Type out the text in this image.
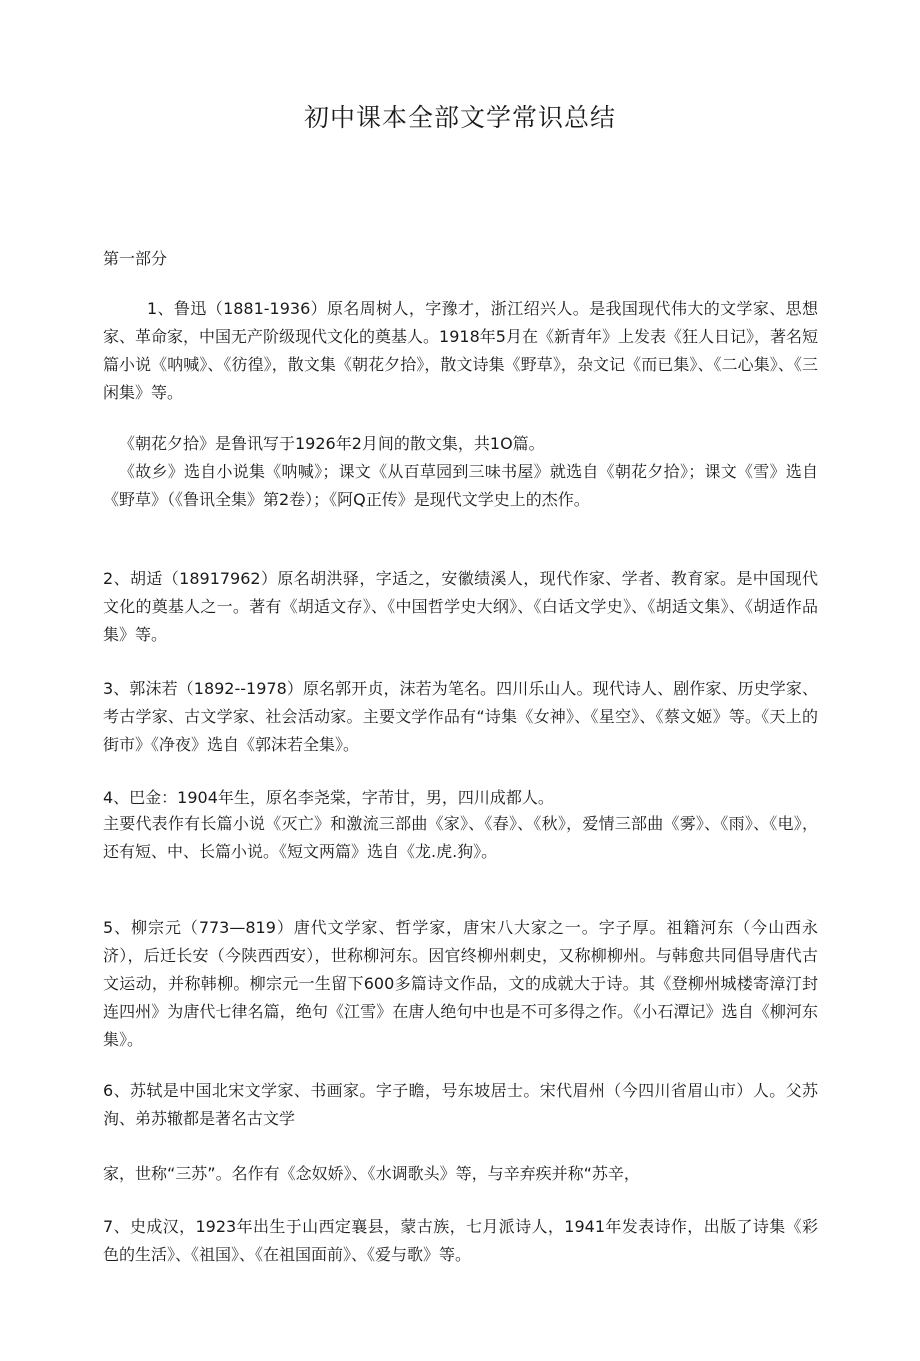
初中课本全部文学常识总结
第一部分

1、鲁迅（1881-1936）原名周树人，字豫才，浙江绍兴人。是我国现代伟大的文学家、思想家、革命家，中国无产阶级现代文化的奠基人。1918年5月在《新青年》上发表《狂人日记》，著名短篇小说《呐喊》、《彷徨》，散文集《朝花夕拾》，散文诗集《野草》，杂文记《而已集》、《二心集》、《三闲集》等。

《朝花夕拾》是鲁讯写于1926年2月间的散文集，共1O篇。

《故乡》选自小说集《呐喊》；课文《从百草园到三味书屋》就选自《朝花夕拾》；课文《雪》选自《野草》（《鲁讯全集》第2卷）；《阿Q正传》是现代文学史上的杰作。

2、胡适（18917962）原名胡洪驿，字适之，安徽绩溪人，现代作家、学者、教育家。是中国现代文化的奠基人之一。著有《胡适文存》、《中国哲学史大纲》、《白话文学史》、《胡适文集》、《胡适作品集》等。

3、郭沫若（1892--1978）原名郭开贞，沫若为笔名。四川乐山人。现代诗人、剧作家、历史学家、考古学家、古文学家、社会活动家。主要文学作品有“诗集《女神》、《星空》、《蔡文姬》等。《天上的街市》《净夜》选自《郭沫若全集》。

4、巴金：1904年生，原名李尧棠，字芾甘，男，四川成都人。

主要代表作有长篇小说《灭亡》和激流三部曲《家》、《春》、《秋》，爱情三部曲《雾》、《雨》、《电》，还有短、中、长篇小说。《短文两篇》选自《龙.虎.狗》。

5、柳宗元（773—819）唐代文学家、哲学家，唐宋八大家之一。字子厚。祖籍河东（今山西永济），后迁长安（今陕西西安），世称柳河东。因官终柳州刺史，又称柳柳州。与韩愈共同倡导唐代古文运动，并称韩柳。柳宗元一生留下600多篇诗文作品，文的成就大于诗。其《登柳州城楼寄漳汀封连四州》为唐代七律名篇，绝句《江雪》在唐人绝句中也是不可多得之作。《小石潭记》选自《柳河东集》。

6、苏轼是中国北宋文学家、书画家。字子瞻，号东坡居士。宋代眉州（今四川省眉山市）人。父苏洵、弟苏辙都是著名古文学

家，世称“三苏”。名作有《念奴娇》、《水调歌头》等，与辛弃疾并称“苏辛，

7、史成汉，1923年出生于山西定襄县，蒙古族，七月派诗人，1941年发表诗作，出版了诗集《彩色的生活》、《祖国》、《在祖国面前》、《爱与歌》等。
